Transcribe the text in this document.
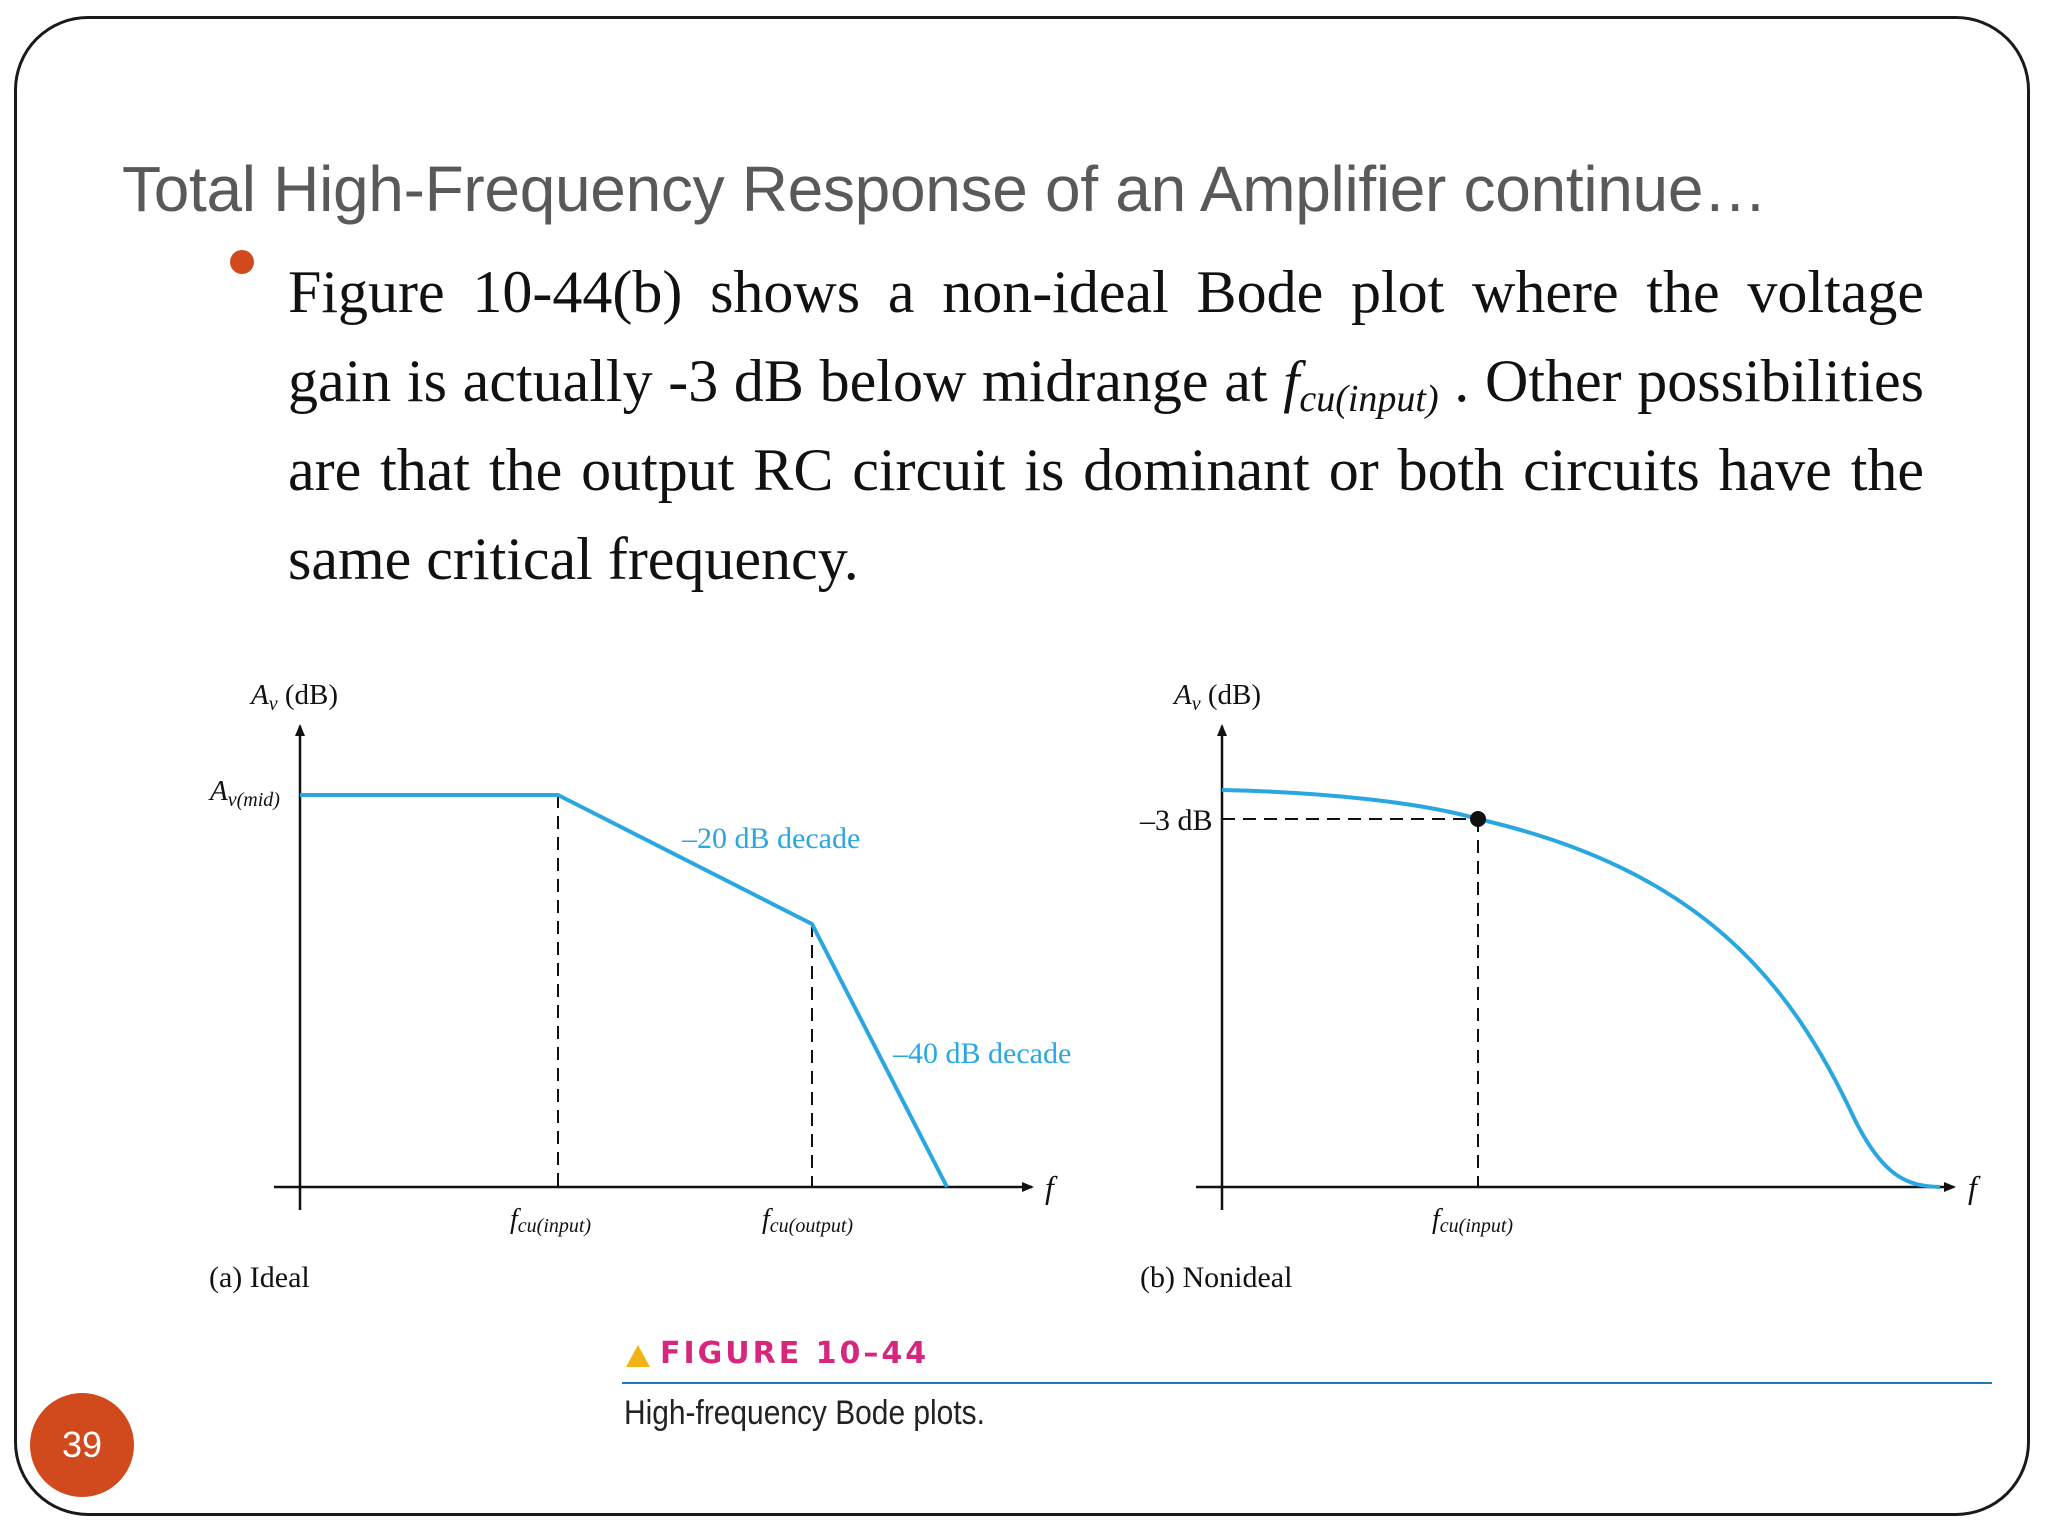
Total High-Frequency Response of an Amplifier continue…

Figure 10-44(b) shows a non-ideal Bode plot where the voltage gain is actually -3 dB below midrange at $f_{cu(input)}$ . Other possibilities are that the output RC circuit is dominant or both circuits have the same critical frequency.

$A_v$ (dB)
$A_{v(mid)}$
–20 dB decade
–40 dB decade
f
fcu(input)	fcu(output)
(a) Ideal
$A_v$ (dB)
–3 dB
f
fcu(input)
(b) Nonideal

FIGURE 10–44

High-frequency Bode plots.

39
